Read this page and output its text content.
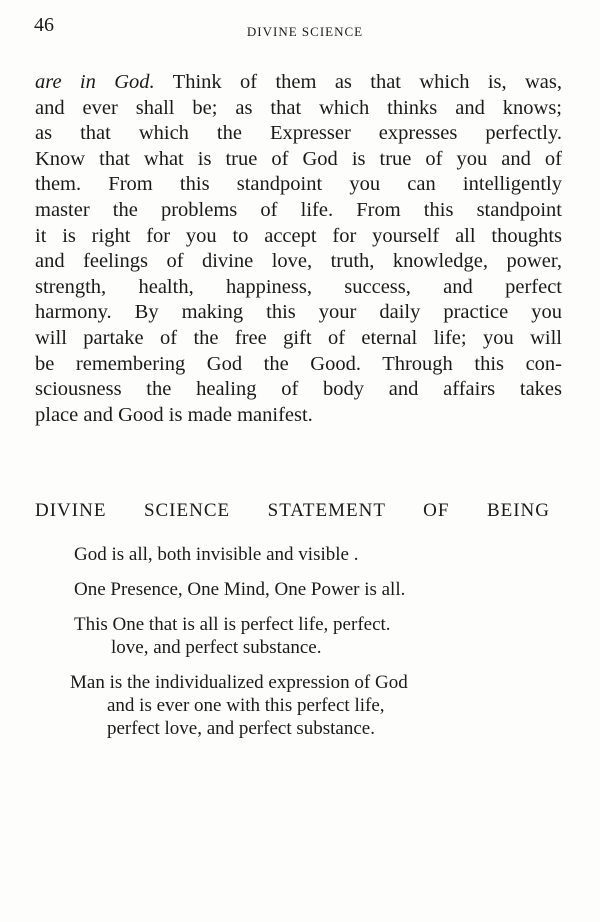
46	DIVINE SCIENCE
are in God. Think of them as that which is, was,
and ever shall be; as that which thinks and knows;
as that which the Expresser expresses perfectly.
Know that what is true of God is true of you and of
them. From this standpoint you can intelligently
master the problems of life. From this standpoint
it is right for you to accept for yourself all thoughts
and feelings of divine love, truth, knowledge, power,
strength, health, happiness, success, and perfect
harmony. By making this your daily practice you
will partake of the free gift of eternal life; you will
be remembering God the Good. Through this con-
sciousness the healing of body and affairs takes
place and Good is made manifest.
DIVINE SCIENCE STATEMENT OF BEING
God is all, both invisible and visible .
One Presence, One Mind, One Power is all.
This One that is all is perfect life, perfect.
love, and perfect substance.
Man is the individualized expression of God
and is ever one with this perfect life,
perfect love, and perfect substance.
